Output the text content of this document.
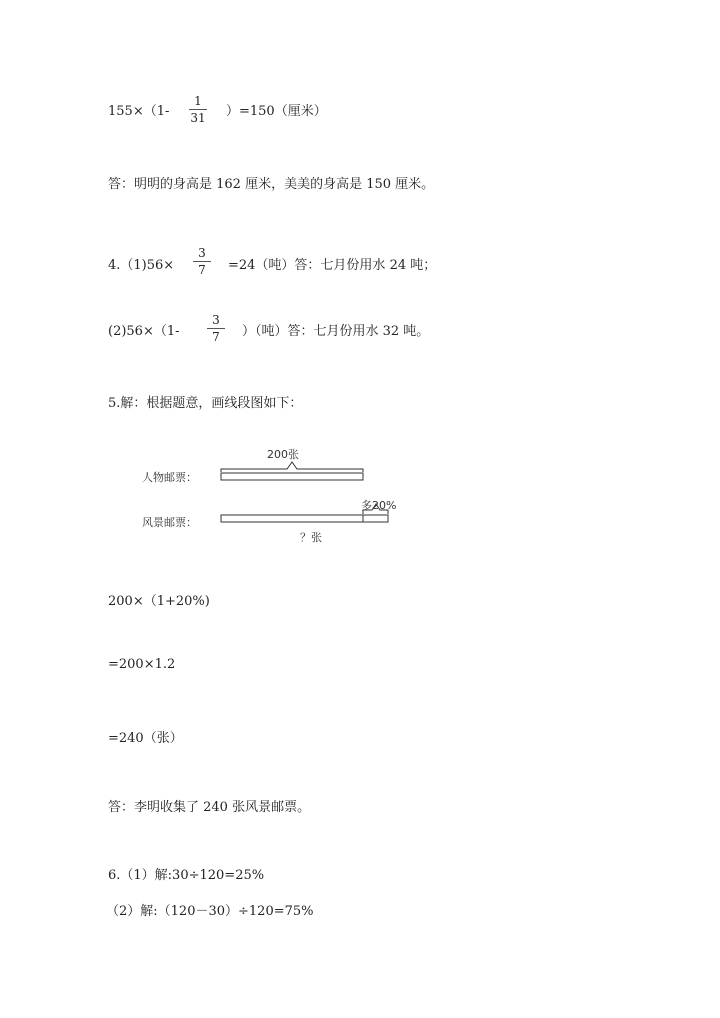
155×（1-
1
31	）=150（厘米）
答：明明的身高是 162 厘米，美美的身高是 150 厘米。
4.（1)56×
3
7	=24（吨）答：七月份用水 24 吨；
(2)56×（1-
3
7	）（吨）答：七月份用水 32 吨。
5.解：根据题意，画线段图如下：
人物邮票：
风景邮票：
200张
多20%
？张
200×（1+20%)
=200×1.2
=240（张）
答：李明收集了 240 张风景邮票。
6.（1）解:30÷120=25%
（2）解:（120－30）÷120=75%
